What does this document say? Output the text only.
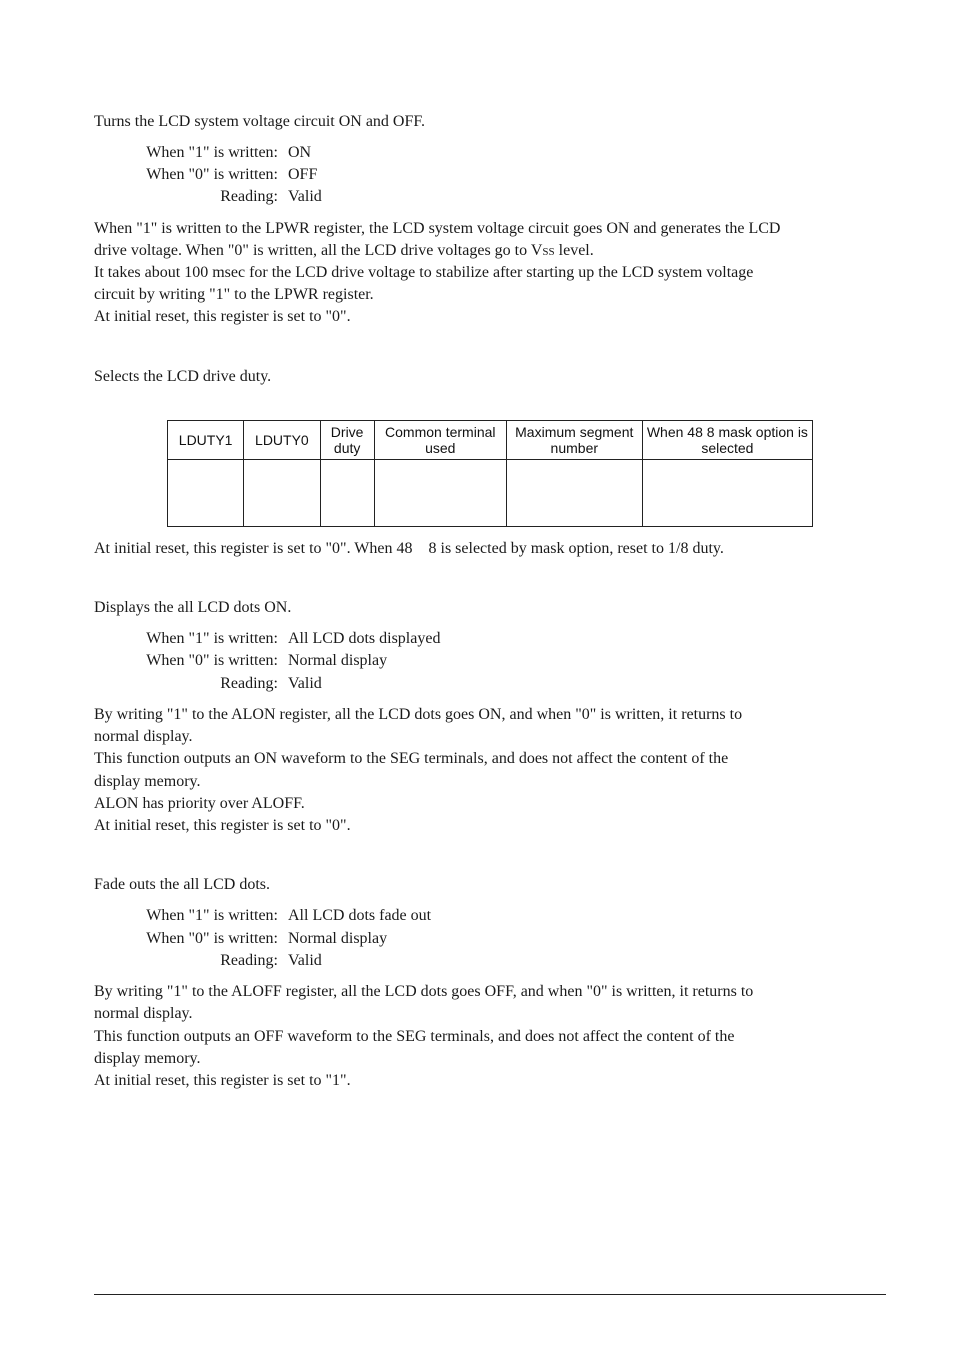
Turns the LCD system voltage circuit ON and OFF.
When "1" is written: ON
When "0" is written: OFF
Reading: Valid
When "1" is written to the LPWR register, the LCD system voltage circuit goes ON and generates the LCD
drive voltage. When "0" is written, all the LCD drive voltages go to VSS level.
It takes about 100 msec for the LCD drive voltage to stabilize after starting up the LCD system voltage
circuit by writing "1" to the LPWR register.
At initial reset, this register is set to "0".
Selects the LCD drive duty.
LDUTY1	LDUTY0	Drive duty	Common terminal used	Maximum segment number	When 48 8 mask option is selected

At initial reset, this register is set to "0". When 48    8 is selected by mask option, reset to 1/8 duty.
Displays the all LCD dots ON.
When "1" is written: All LCD dots displayed
When "0" is written: Normal display
Reading: Valid
By writing "1" to the ALON register, all the LCD dots goes ON, and when "0" is written, it returns to
normal display.
This function outputs an ON waveform to the SEG terminals, and does not affect the content of the
display memory.
ALON has priority over ALOFF.
At initial reset, this register is set to "0".
Fade outs the all LCD dots.
When "1" is written: All LCD dots fade out
When "0" is written: Normal display
Reading: Valid
By writing "1" to the ALOFF register, all the LCD dots goes OFF, and when "0" is written, it returns to
normal display.
This function outputs an OFF waveform to the SEG terminals, and does not affect the content of the
display memory.
At initial reset, this register is set to "1".
